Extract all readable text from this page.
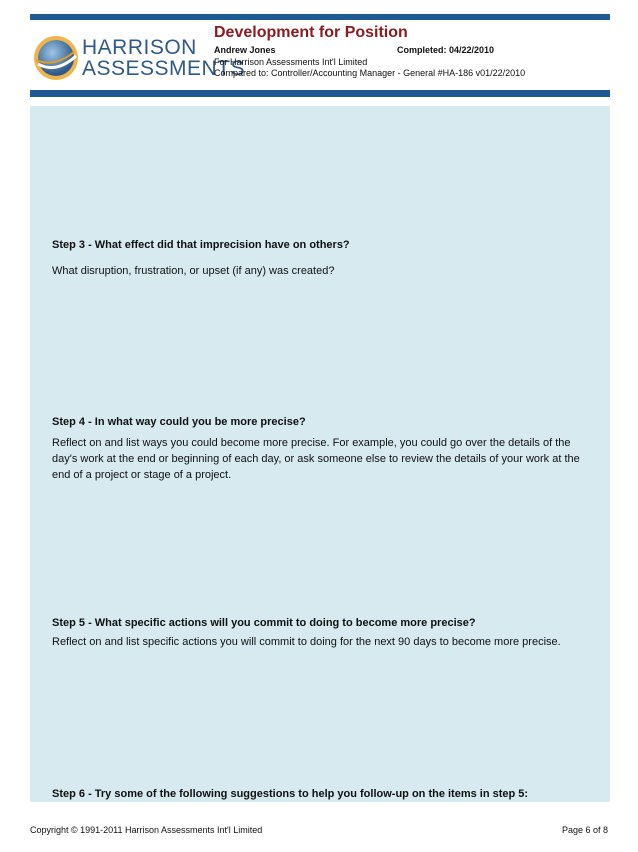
HARRISON
ASSESSMENTS
Development for Position
Andrew Jones	Completed: 04/22/2010
For Harrison Assessments Int'l Limited
Compared to: Controller/Accounting Manager - General #HA-186 v01/22/2010
Step 3 - What effect did that imprecision have on others?
What disruption, frustration, or upset (if any) was created?
Step 4 - In what way could you be more precise?
Reflect on and list ways you could become more precise. For example, you could go over the details of the day's work at the end or beginning of each day, or ask someone else to review the details of your work at the end of a project or stage of a project.
Step 5 - What specific actions will you commit to doing to become more precise?
Reflect on and list specific actions you will commit to doing for the next 90 days to become more precise.
Step 6 - Try some of the following suggestions to help you follow-up on the items in step 5:
Copyright © 1991-2011 Harrison Assessments Int'l Limited	Page 6 of 8
